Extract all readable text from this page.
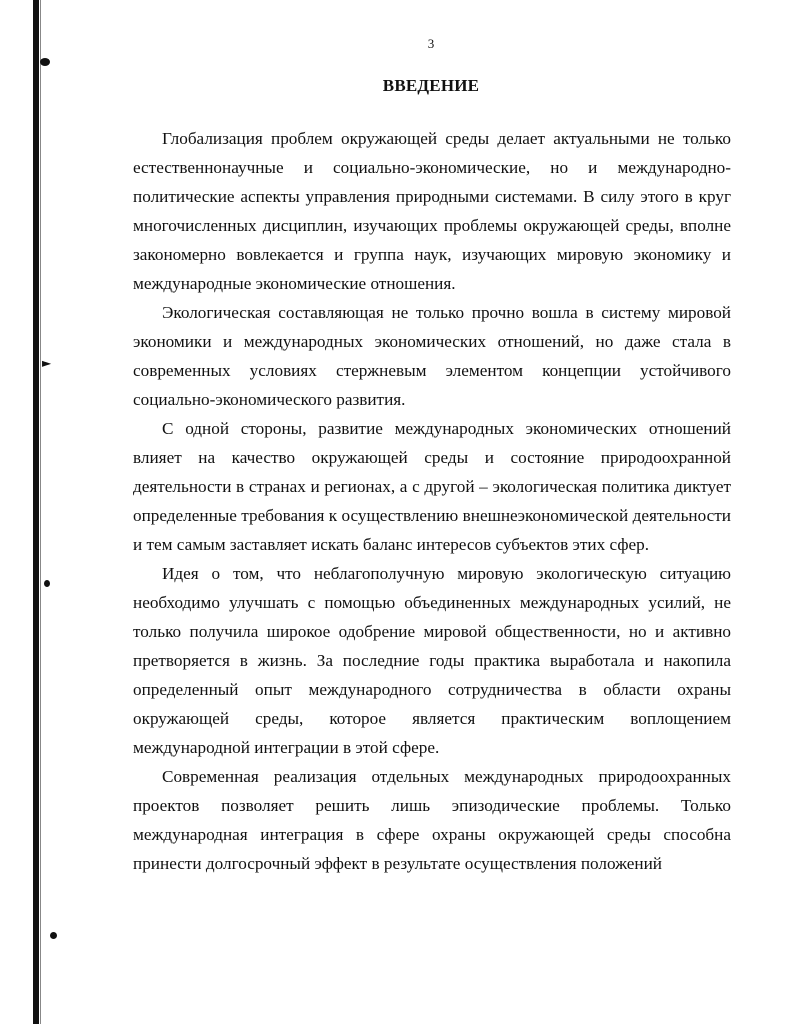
►
3
ВВЕДЕНИЕ

Глобализация проблем окружающей среды делает актуальными не только естественнонаучные и социально-экономические, но и международно-политические аспекты управления природными системами. В силу этого в круг многочисленных дисциплин, изучающих проблемы окружающей среды, вполне закономерно вовлекается и группа наук, изучающих мировую экономику и международные экономические отношения.

Экологическая составляющая не только прочно вошла в систему мировой экономики и международных экономических отношений, но даже стала в современных условиях стержневым элементом концепции устойчивого социально-экономического развития.

С одной стороны, развитие международных экономических отношений влияет на качество окружающей среды и состояние природоохранной деятельности в странах и регионах, а с другой – экологическая политика диктует определенные требования к осуществлению внешнеэкономической деятельности и тем самым заставляет искать баланс интересов субъектов этих сфер.

Идея о том, что неблагополучную мировую экологическую ситуацию необходимо улучшать с помощью объединенных международных усилий, не только получила широкое одобрение мировой общественности, но и активно претворяется в жизнь. За последние годы практика выработала и накопила определенный опыт международного сотрудничества в области охраны окружающей среды, которое является практическим воплощением международной интеграции в этой сфере.

Современная реализация отдельных международных природоохранных проектов позволяет решить лишь эпизодические проблемы. Только международная интеграция в сфере охраны окружающей среды способна принести долгосрочный эффект в результате осуществления положений
